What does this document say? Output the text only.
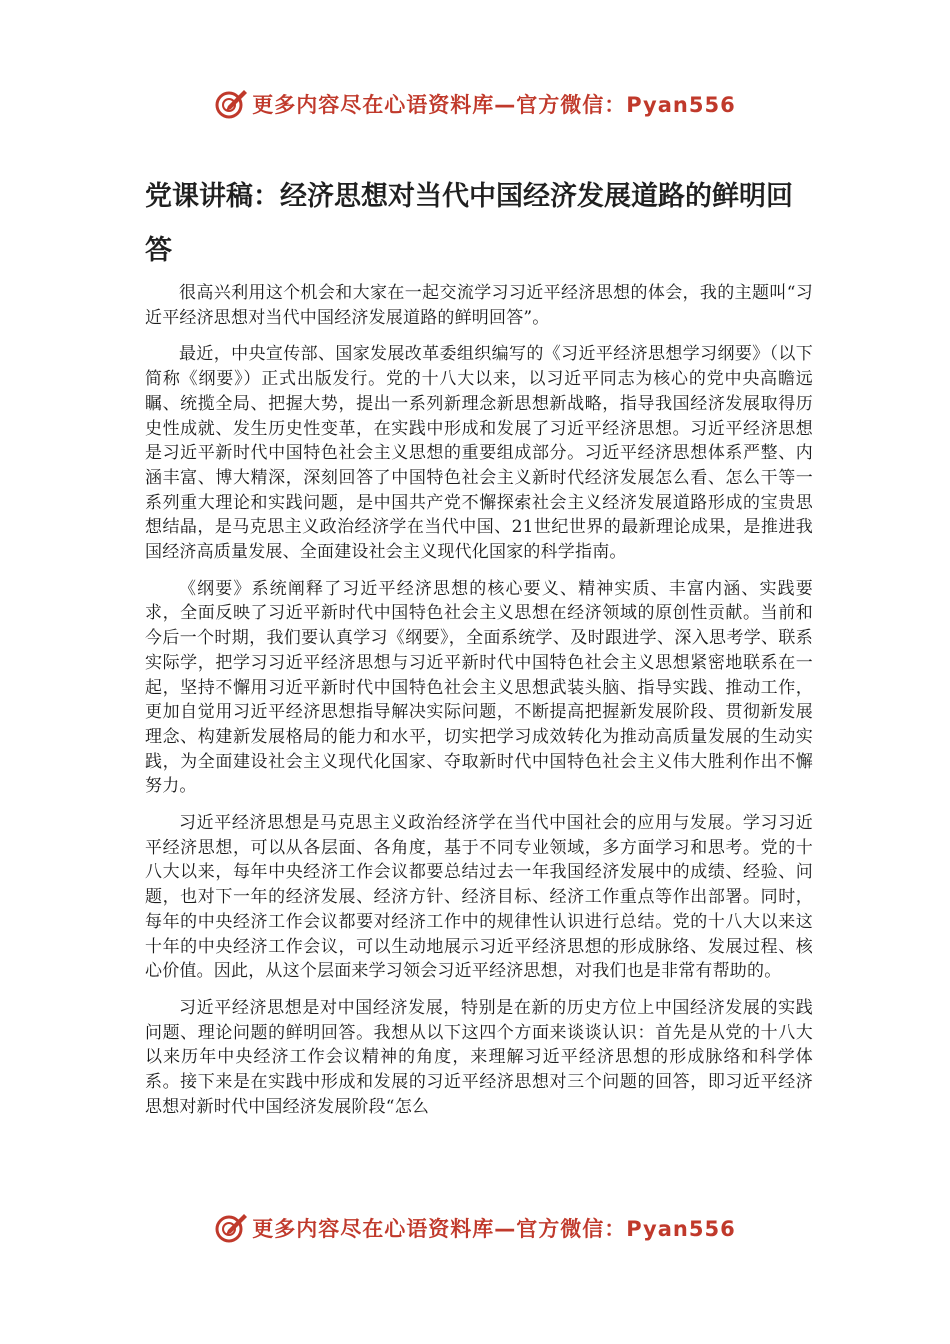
更多内容尽在心语资料库—官方微信：Pyan556
党课讲稿：经济思想对当代中国经济发展道路的鲜明回答

很高兴利用这个机会和大家在一起交流学习习近平经济思想的体会，我的主题叫“习近平经济思想对当代中国经济发展道路的鲜明回答”。

最近，中央宣传部、国家发展改革委组织编写的《习近平经济思想学习纲要》（以下简称《纲要》）正式出版发行。党的十八大以来，以习近平同志为核心的党中央高瞻远瞩、统揽全局、把握大势，提出一系列新理念新思想新战略，指导我国经济发展取得历史性成就、发生历史性变革，在实践中形成和发展了习近平经济思想。习近平经济思想是习近平新时代中国特色社会主义思想的重要组成部分。习近平经济思想体系严整、内涵丰富、博大精深，深刻回答了中国特色社会主义新时代经济发展怎么看、怎么干等一系列重大理论和实践问题，是中国共产党不懈探索社会主义经济发展道路形成的宝贵思想结晶，是马克思主义政治经济学在当代中国、21世纪世界的最新理论成果，是推进我国经济高质量发展、全面建设社会主义现代化国家的科学指南。

《纲要》系统阐释了习近平经济思想的核心要义、精神实质、丰富内涵、实践要求，全面反映了习近平新时代中国特色社会主义思想在经济领域的原创性贡献。当前和今后一个时期，我们要认真学习《纲要》，全面系统学、及时跟进学、深入思考学、联系实际学，把学习习近平经济思想与习近平新时代中国特色社会主义思想紧密地联系在一起，坚持不懈用习近平新时代中国特色社会主义思想武装头脑、指导实践、推动工作，更加自觉用习近平经济思想指导解决实际问题，不断提高把握新发展阶段、贯彻新发展理念、构建新发展格局的能力和水平，切实把学习成效转化为推动高质量发展的生动实践，为全面建设社会主义现代化国家、夺取新时代中国特色社会主义伟大胜利作出不懈努力。

习近平经济思想是马克思主义政治经济学在当代中国社会的应用与发展。学习习近平经济思想，可以从各层面、各角度，基于不同专业领域，多方面学习和思考。党的十八大以来，每年中央经济工作会议都要总结过去一年我国经济发展中的成绩、经验、问题，也对下一年的经济发展、经济方针、经济目标、经济工作重点等作出部署。同时，每年的中央经济工作会议都要对经济工作中的规律性认识进行总结。党的十八大以来这十年的中央经济工作会议，可以生动地展示习近平经济思想的形成脉络、发展过程、核心价值。因此，从这个层面来学习领会习近平经济思想，对我们也是非常有帮助的。

习近平经济思想是对中国经济发展，特别是在新的历史方位上中国经济发展的实践问题、理论问题的鲜明回答。我想从以下这四个方面来谈谈认识：首先是从党的十八大以来历年中央经济工作会议精神的角度，来理解习近平经济思想的形成脉络和科学体系。接下来是在实践中形成和发展的习近平经济思想对三个问题的回答，即习近平经济思想对新时代中国经济发展阶段“怎么

更多内容尽在心语资料库—官方微信：Pyan556
